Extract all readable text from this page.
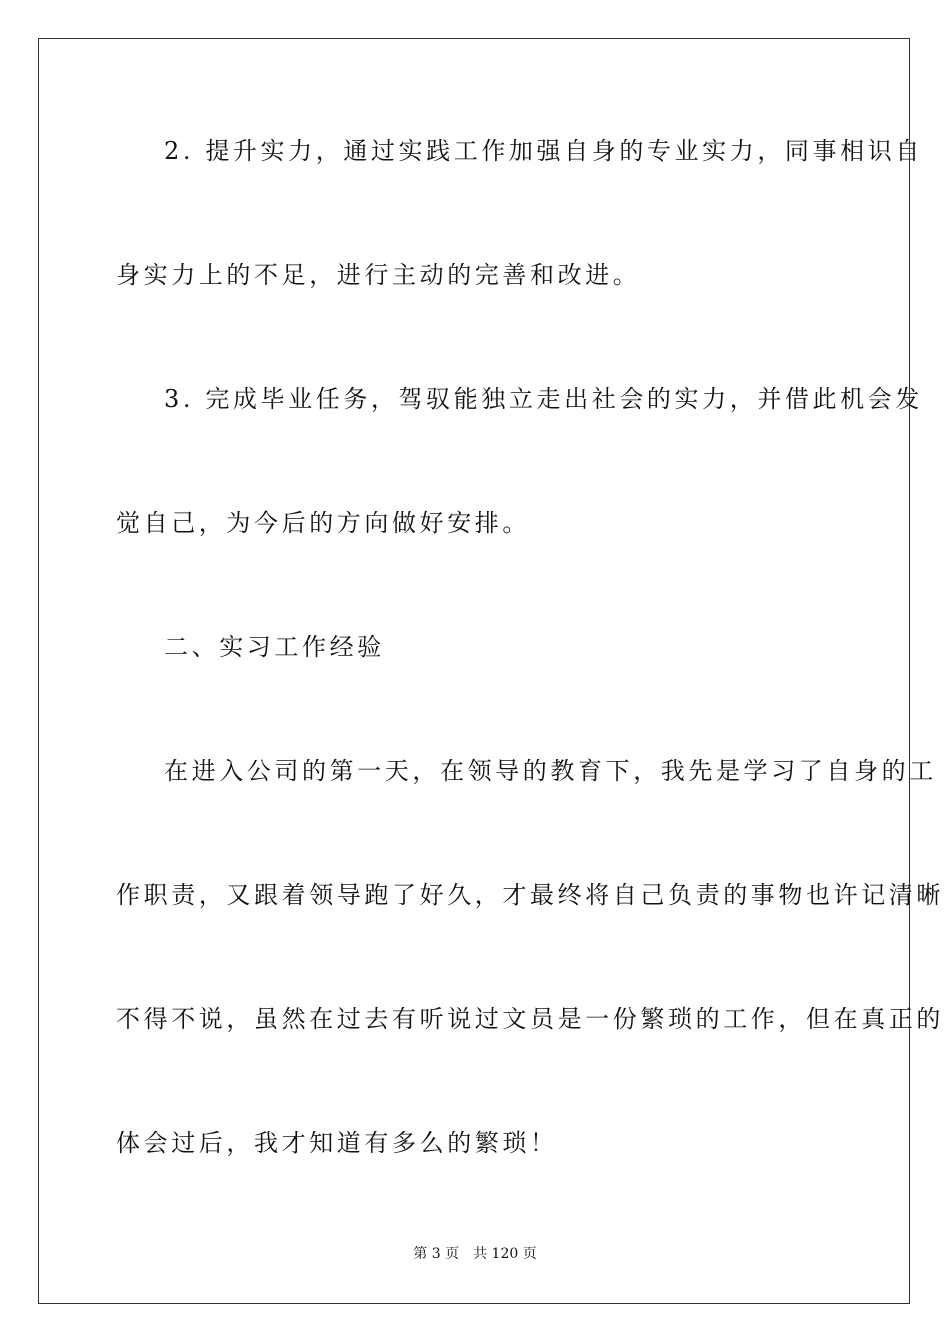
2. 提升实力，通过实践工作加强自身的专业实力，同事相识自
身实力上的不足，进行主动的完善和改进。
3. 完成毕业任务，驾驭能独立走出社会的实力，并借此机会发
觉自己，为今后的方向做好安排。
二、实习工作经验
在进入公司的第一天，在领导的教育下，我先是学习了自身的工
作职责，又跟着领导跑了好久，才最终将自己负责的事物也许记清晰
不得不说，虽然在过去有听说过文员是一份繁琐的工作，但在真正的
体会过后，我才知道有多么的繁琐！
第 3 页 共 120 页
